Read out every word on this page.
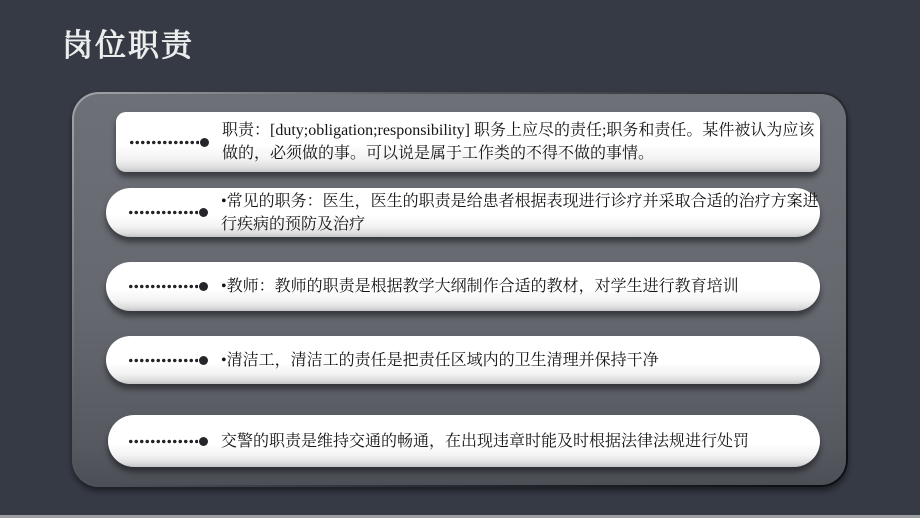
岗位职责
职责：[duty;obligation;responsibility] 职务上应尽的责任;职务和责任。某件被认为应该做的，必须做的事。可以说是属于工作类的不得不做的事情。
•常见的职务：医生，医生的职责是给患者根据表现进行诊疗并采取合适的治疗方案进行疾病的预防及治疗
•教师：教师的职责是根据教学大纲制作合适的教材，对学生进行教育培训
•清洁工，清洁工的责任是把责任区域内的卫生清理并保持干净
交警的职责是维持交通的畅通，在出现违章时能及时根据法律法规进行处罚
